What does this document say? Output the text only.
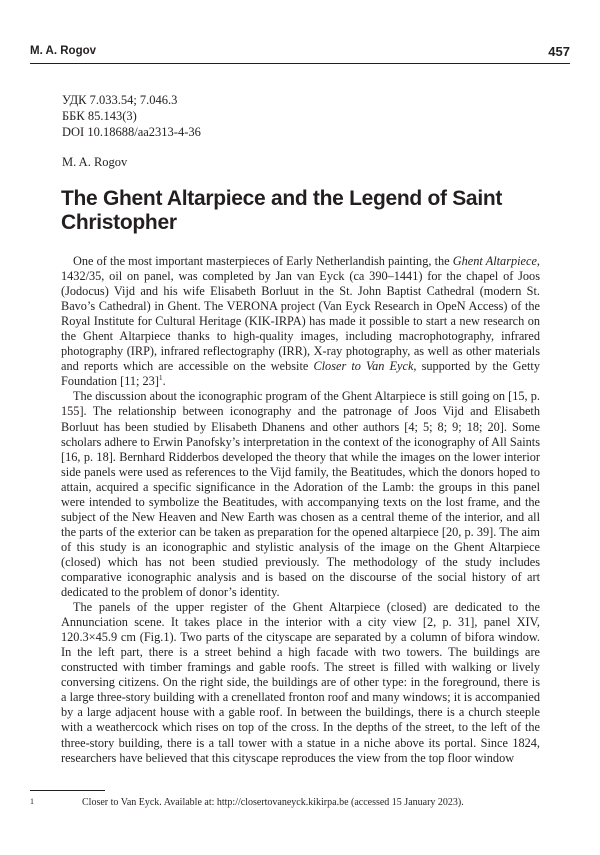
M. A. Rogov	457
УДК 7.033.54; 7.046.3
ББК 85.143(3)
DOI 10.18688/aa2313-4-36
M. A. Rogov
The Ghent Altarpiece and the Legend of Saint Christopher

One of the most important masterpieces of Early Netherlandish painting, the Ghent Altarpiece, 1432/35, oil on panel, was completed by Jan van Eyck (ca 390–1441) for the chapel of Joos (Jodocus) Vijd and his wife Elisabeth Borluut in the St. John Baptist Cathedral (modern St. Bavo’s Cathedral) in Ghent. The VERONA project (Van Eyck Research in OpeN Access) of the Royal Institute for Cultural Heritage (KIK-IRPA) has made it possible to start a new research on the Ghent Altarpiece thanks to high-quality images, including macrophotography, infrared photography (IRP), infrared reflectography (IRR), X-ray photography, as well as other materials and reports which are accessible on the website Closer to Van Eyck, supported by the Getty Foundation [11; 23]$^1$.

The discussion about the iconographic program of the Ghent Altarpiece is still going on [15, p. 155]. The relationship between iconography and the patronage of Joos Vijd and Elisabeth Borluut has been studied by Elisabeth Dhanens and other authors [4; 5; 8; 9; 18; 20]. Some scholars adhere to Erwin Panofsky’s interpretation in the context of the iconography of All Saints [16, p. 18]. Bernhard Ridderbos developed the theory that while the images on the lower interior side panels were used as references to the Vijd family, the Beatitudes, which the donors hoped to attain, acquired a specific significance in the Adoration of the Lamb: the groups in this panel were intended to symbolize the Beatitudes, with accompanying texts on the lost frame, and the subject of the New Heaven and New Earth was chosen as a central theme of the interior, and all the parts of the exterior can be taken as preparation for the opened altarpiece [20, p. 39]. The aim of this study is an iconographic and stylistic analysis of the image on the Ghent Altarpiece (closed) which has not been studied previously. The methodology of the study includes comparative iconographic analysis and is based on the discourse of the social history of art dedicated to the problem of donor’s identity.

The panels of the upper register of the Ghent Altarpiece (closed) are dedicated to the Annunciation scene. It takes place in the interior with a city view [2, p. 31], panel XIV, 120.3×45.9 cm (Fig.1). Two parts of the cityscape are separated by a column of bifora window. In the left part, there is a street behind a high facade with two towers. The buildings are constructed with timber framings and gable roofs. The street is filled with walking or lively conversing citizens. On the right side, the buildings are of other type: in the foreground, there is a large three-story building with a crenellated fronton roof and many windows; it is accompanied by a large adjacent house with a gable roof. In between the buildings, there is a church steeple with a weathercock which rises on top of the cross. In the depths of the street, to the left of the three-story building, there is a tall tower with a statue in a niche above its portal. Since 1824, researchers have believed that this cityscape reproduces the view from the top floor window

1	Closer to Van Eyck. Available at: http://closertovaneyck.kikirpa.be (accessed 15 January 2023).
